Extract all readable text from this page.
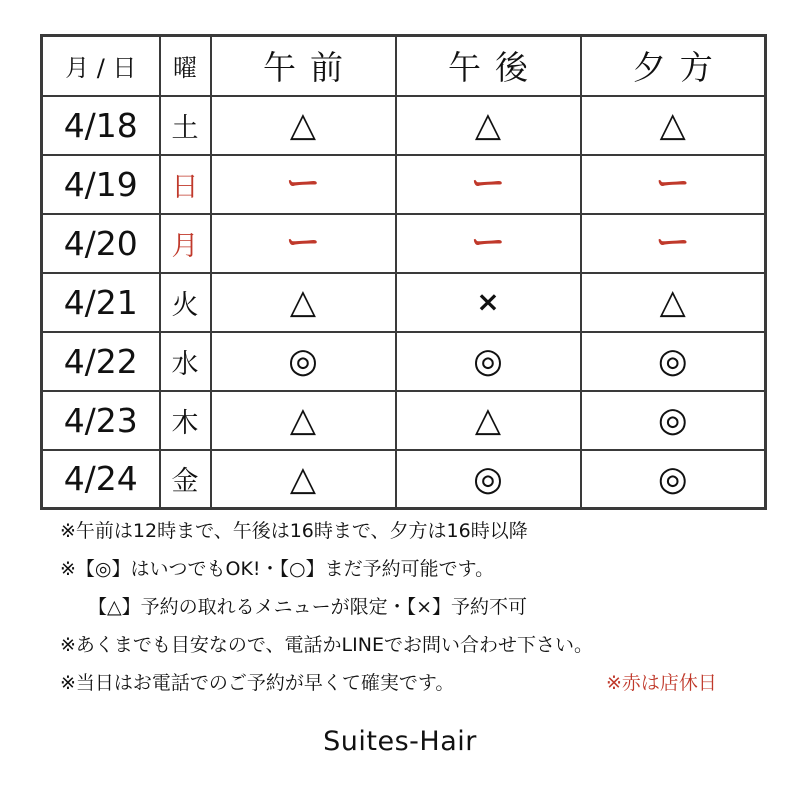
月 / 日	曜	午前	午後	夕方
4/18	土	△	△	△
4/19	日	ー	ー	ー
4/20	月	ー	ー	ー
4/21	火	△	×	△
4/22	水	◎	◎	◎
4/23	木	△	△	◎
4/24	金	△	◎	◎
※午前は12時まで、午後は16時まで、夕方は16時以降
※【◎】はいつでもOK!・【○】まだ予約可能です。
【△】予約の取れるメニューが限定・【×】予約不可
※あくまでも目安なので、電話かLINEでお問い合わせ下さい。
※当日はお電話でのご予約が早くて確実です。	※赤は店休日
Suites-Hair
